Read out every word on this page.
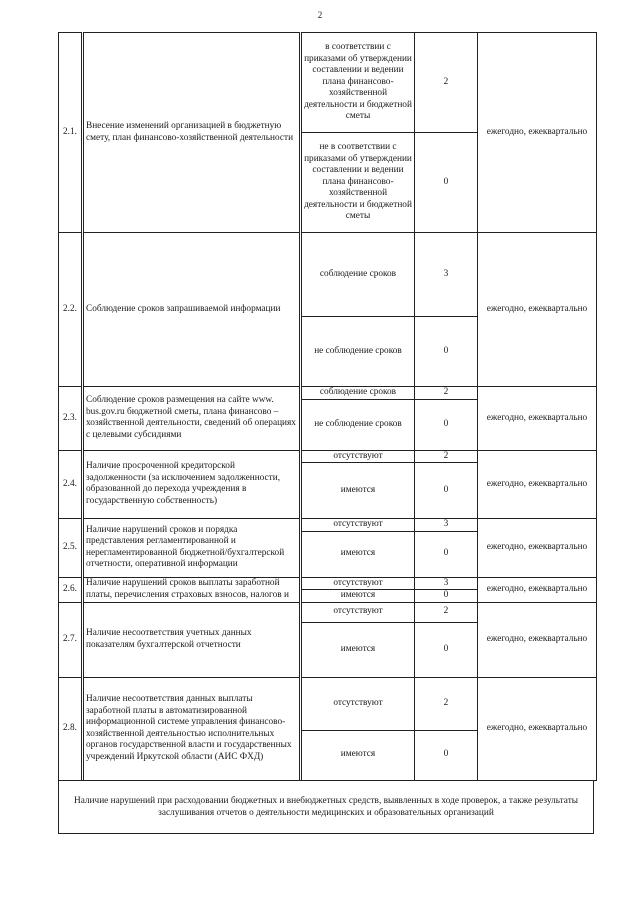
2
2.1.	Внесение изменений организацией в бюджетную смету, план финансово-хозяйственной деятельности	в соответствии с приказами об утверждении составлении и ведении плана финансово-хозяйственной деятельности и бюджетной сметы	2	ежегодно, ежеквартально
		не в соответствии с приказами об утверждении составлении и ведении плана финансово-хозяйственной деятельности и бюджетной сметы	0	
2.2.	Соблюдение сроков запрашиваемой информации	соблюдение сроков	3	ежегодно, ежеквартально
		не соблюдение сроков	0	
2.3.	Соблюдение сроков размещения на сайте www. bus.gov.ru бюджетной сметы, плана финансово – хозяйственной деятельности, сведений об операциях с целевыми субсидиями	соблюдение сроков	2	ежегодно, ежеквартально
		не соблюдение сроков	0	
2.4.	Наличие просроченной кредиторской задолженности (за исключением задолженности, образованной до перехода учреждения в государственную собственность)	отсутствуют	2	ежегодно, ежеквартально
		имеются	0	
2.5.	Наличие нарушений сроков и порядка представления регламентированной и нерегламентированной бюджетной/бухгалтерской отчетности, оперативной информации	отсутствуют	3	ежегодно, ежеквартально
		имеются	0	
2.6.	Наличие нарушений сроков выплаты заработной платы, перечисления страховых взносов, налогов и	отсутствуют	3	ежегодно, ежеквартально
		имеются	0	
2.7.	Наличие несоответствия учетных данных показателям бухгалтерской отчетности	отсутствуют	2	ежегодно, ежеквартально
		имеются	0	
2.8.	Наличие несоответствия данных выплаты заработной платы в автоматизированной информационной системе управления финансово-хозяйственной деятельностью исполнительных органов государственной власти и государственных учреждений Иркутской области (АИС ФХД)	отсутствуют	2	ежегодно, ежеквартально
		имеются	0	
Наличие нарушений при расходовании бюджетных и внебюджетных средств, выявленных в ходе проверок, а также результаты заслушивания отчетов о деятельности медицинских и образовательных организаций
